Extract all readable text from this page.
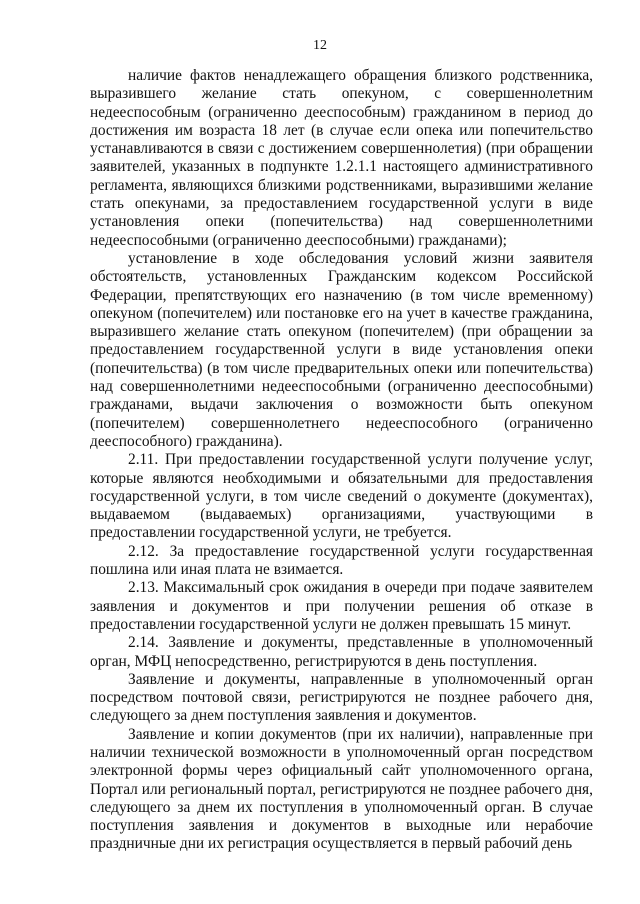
12

наличие фактов ненадлежащего обращения близкого родственника, выразившего желание стать опекуном, с совершеннолетним недееспособным (ограниченно дееспособным) гражданином в период до достижения им возраста 18 лет (в случае если опека или попечительство устанавливаются в связи с достижением совершеннолетия) (при обращении заявителей, указанных в подпункте 1.2.1.1 настоящего административного регламента, являющихся близкими родственниками, выразившими желание стать опекунами, за предоставлением государственной услуги в виде установления опеки (попечительства) над совершеннолетними недееспособными (ограниченно дееспособными) гражданами);

установление в ходе обследования условий жизни заявителя обстоятельств, установленных Гражданским кодексом Российской Федерации, препятствующих его назначению (в том числе временному) опекуном (попечителем) или постановке его на учет в качестве гражданина, выразившего желание стать опекуном (попечителем) (при обращении за предоставлением государственной услуги в виде установления опеки (попечительства) (в том числе предварительных опеки или попечительства) над совершеннолетними недееспособными (ограниченно дееспособными) гражданами, выдачи заключения о возможности быть опекуном (попечителем) совершеннолетнего недееспособного (ограниченно дееспособного) гражданина).

2.11. При предоставлении государственной услуги получение услуг, которые являются необходимыми и обязательными для предоставления государственной услуги, в том числе сведений о документе (документах), выдаваемом (выдаваемых) организациями, участвующими в предоставлении государственной услуги, не требуется.

2.12. За предоставление государственной услуги государственная пошлина или иная плата не взимается.

2.13. Максимальный срок ожидания в очереди при подаче заявителем заявления и документов и при получении решения об отказе в предоставлении государственной услуги не должен превышать 15 минут.

2.14. Заявление и документы, представленные в уполномоченный орган, МФЦ непосредственно, регистрируются в день поступления.

Заявление и документы, направленные в уполномоченный орган посредством почтовой связи, регистрируются не позднее рабочего дня, следующего за днем поступления заявления и документов.

Заявление и копии документов (при их наличии), направленные при наличии технической возможности в уполномоченный орган посредством электронной формы через официальный сайт уполномоченного органа, Портал или региональный портал, регистрируются не позднее рабочего дня, следующего за днем их поступления в уполномоченный орган. В случае поступления заявления и документов в выходные или нерабочие праздничные дни их регистрация осуществляется в первый рабочий день
